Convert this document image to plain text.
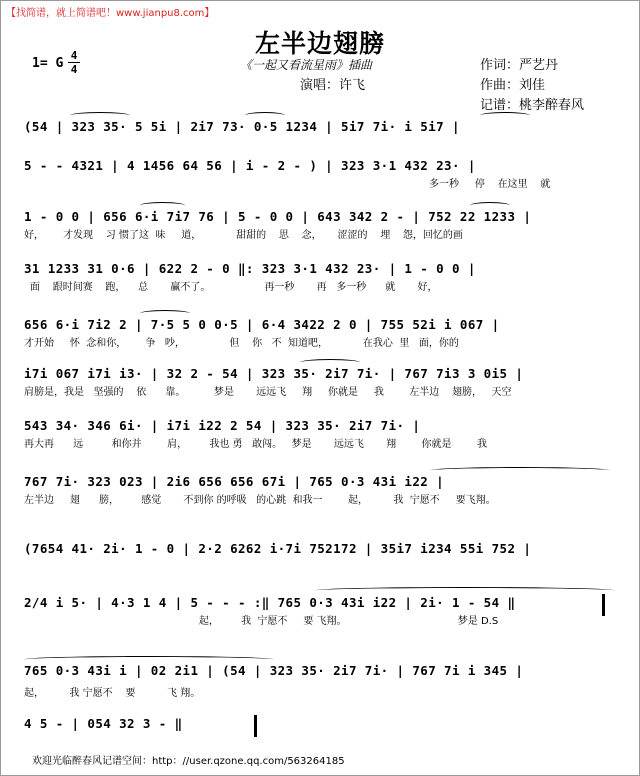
【找简谱，就上简谱吧！www.jianpu8.com】
左半边翅膀
1= G
4
4	《一起又看流星雨》插曲
演唱：许飞
作词：严艺丹
作曲：刘佳
记谱：桃李醉春风
(54 | 323 35· 5 5i | 2i7 73· 0·5 1234 | 5i7 7i· i 5i7 |
5 - - 4321 | 4 1456 64 56 | i - 2 - ) | 323 3·1 432 23· |
多一秒     停    在这里    就
1 - 0 0 | 656 6·i 7i7 76 | 5 - 0 0 | 643 342 2 - | 752 22 1233 |
好，      才发现    习 惯了这  味     道，           甜甜的    思    念，     涩涩的    埋    怨，回忆的画
31 1233 31 0·6 | 622 2 - 0 ‖: 323 3·1 432 23· | 1 - 0 0 |
面    跟时间赛    跑，    总       赢不了。                 再一秒       再   多一秒      就       好，
656 6·i 7i2 2 | 7·5 5 0 0·5 | 6·4 3422 2 0 | 755 52i i 067 |
才开始     怀  念和你，      争   吵，              但    你   不  知道吧，           在我心  里   面，你的
i7i 067 i7i i3· | 32 2 - 54 | 323 35· 2i7 7i· | 767 7i3 3 0i5 |
肩膀是，我是   坚强的    依      靠。         梦是       远远飞     翔     你就是     我        左半边    翅膀，   天空
543 34· 346 6i· | i7i i22 2 54 | 323 35· 2i7 7i· |
再大再      远         和你并        肩，       我也 勇   敢闯。   梦是       远远飞       翔        你就是        我
767 7i· 323 023 | 2i6 656 656 67i | 765 0·3 43i i22 |
左半边     翅      膀，       感觉       不到你 的呼吸   的心跳  和我一        起，        我  宁愿不     要飞翔。
(7654 41· 2i· 1 - 0 | 2·2 6262 i·7i 752172 | 35i7 i234 55i 752 |
2/4 i 5· | 4·3 1 4 | 5 - - - :‖ 765 0·3 43i i22 | 2i· 1 - 54 ‖
起，       我  宁愿不     要 飞翔。                                   梦是 D.S
765 0·3 43i i | 02 2i1 | (54 | 323 35· 2i7 7i· | 767 7i i 345 |
起，        我 宁愿不    要          飞 翔。
4 5 - | 054 32 3 - ‖
欢迎光临醉春风记谱空间：http：//user.qzone.qq.com/563264185
